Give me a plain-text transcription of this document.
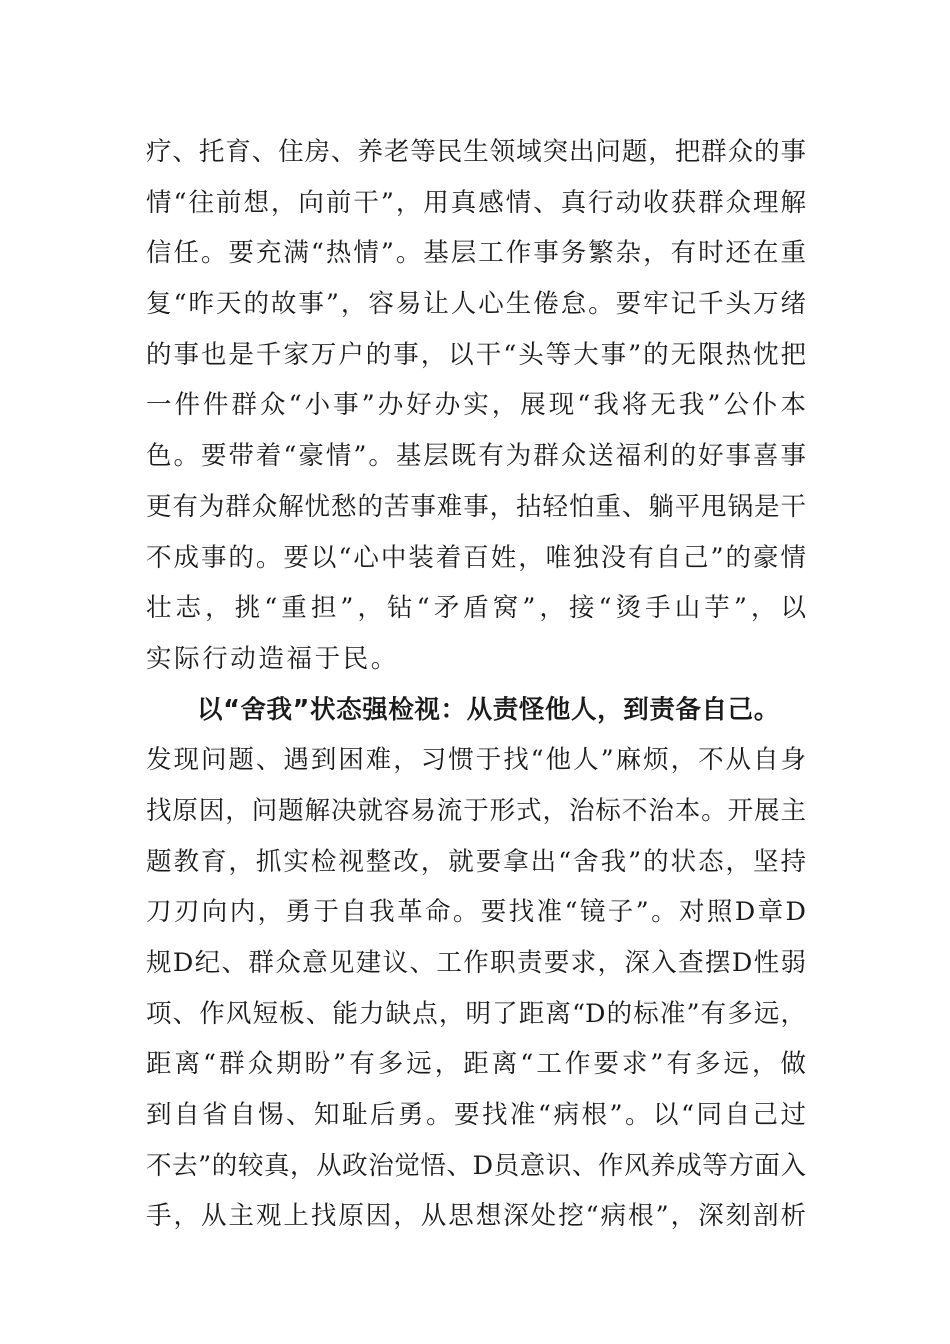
疗、托育、住房、养老等民生领域突出问题，把群众的事
情“往前想，向前干”，用真感情、真行动收获群众理解
信任。要充满“热情”。基层工作事务繁杂，有时还在重
复“昨天的故事”，容易让人心生倦怠。要牢记千头万绪
的事也是千家万户的事，以干“头等大事”的无限热忱把
一件件群众“小事”办好办实，展现“我将无我”公仆本
色。要带着“豪情”。基层既有为群众送福利的好事喜事
更有为群众解忧愁的苦事难事，拈轻怕重、躺平甩锅是干
不成事的。要以“心中装着百姓，唯独没有自己”的豪情
壮志，挑“重担”，钻“矛盾窝”，接“烫手山芋”，以
实际行动造福于民。
以“舍我”状态强检视：从责怪他人，到责备自己。
发现问题、遇到困难，习惯于找“他人”麻烦，不从自身
找原因，问题解决就容易流于形式，治标不治本。开展主
题教育，抓实检视整改，就要拿出“舍我”的状态，坚持
刀刃向内，勇于自我革命。要找准“镜子”。对照D章D
规D纪、群众意见建议、工作职责要求，深入查摆D性弱
项、作风短板、能力缺点，明了距离“D的标准”有多远，
距离“群众期盼”有多远，距离“工作要求”有多远，做
到自省自惕、知耻后勇。要找准“病根”。以“同自己过
不去”的较真，从政治觉悟、D员意识、作风养成等方面入
手，从主观上找原因，从思想深处挖“病根”，深刻剖析
